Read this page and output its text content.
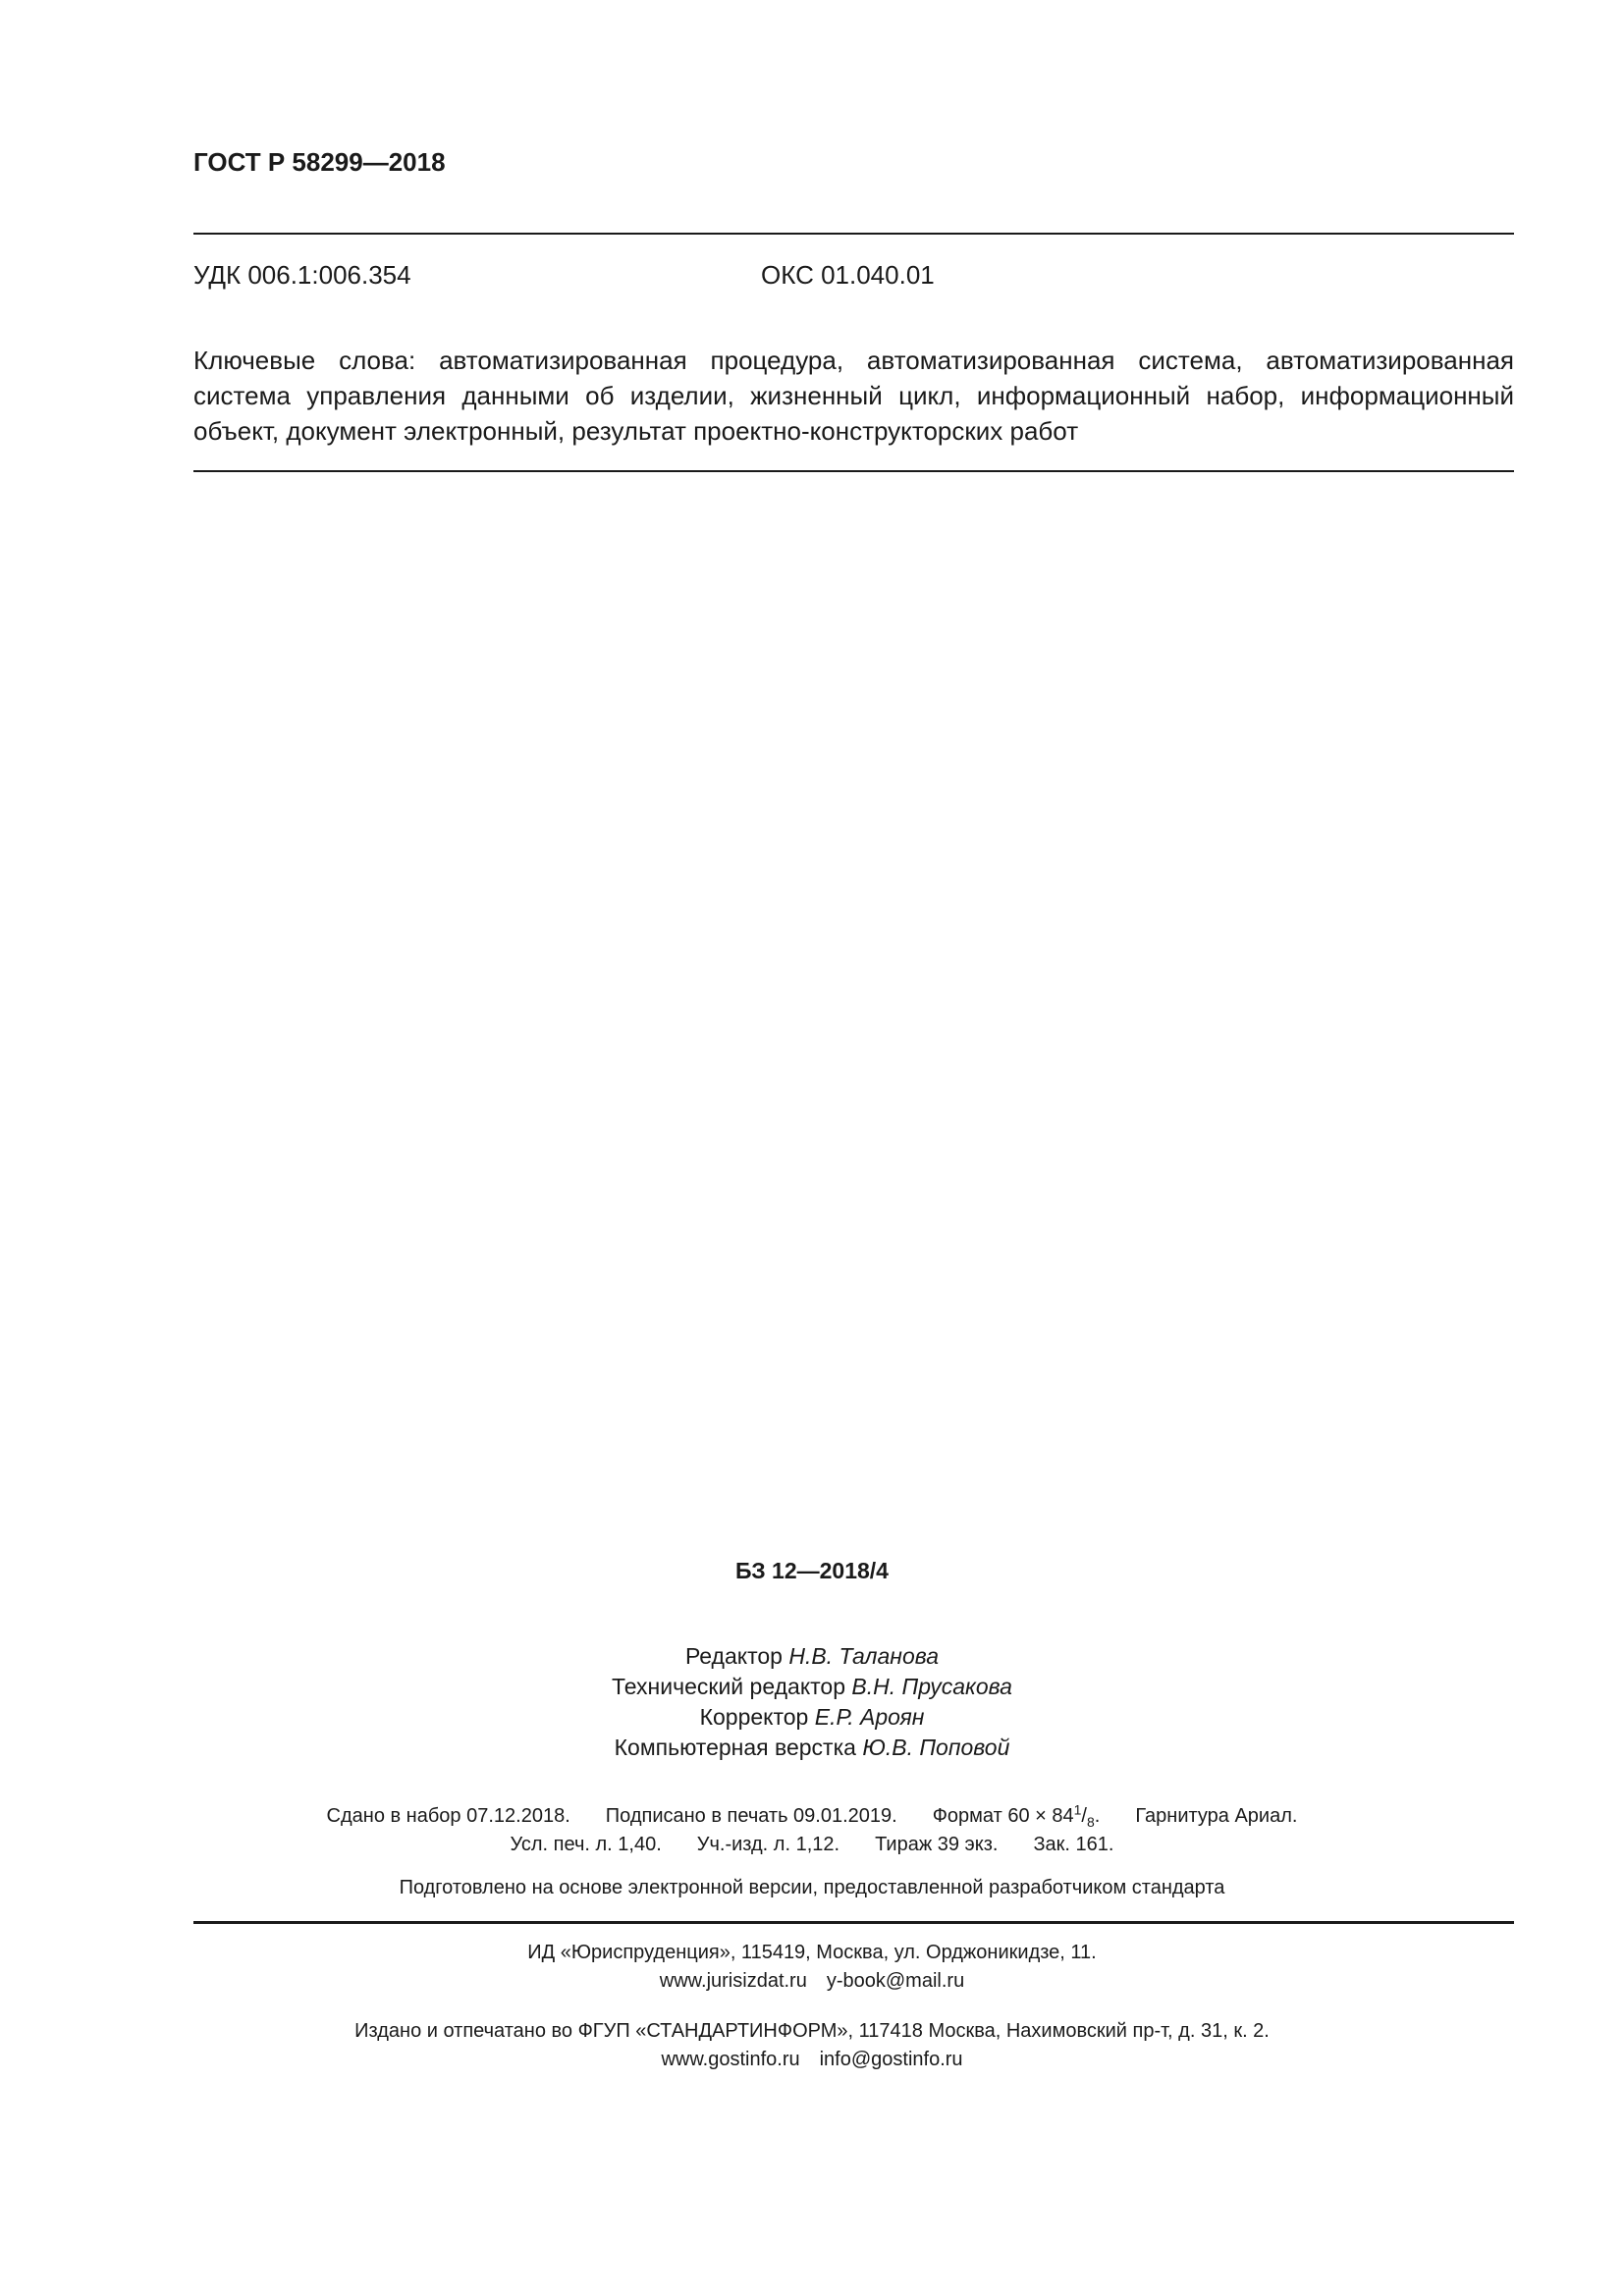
ГОСТ Р 58299—2018
УДК 006.1:006.354	ОКС 01.040.01
Ключевые слова: автоматизированная процедура, автоматизированная система, автоматизированная система управления данными об изделии, жизненный цикл, информационный набор, информационный объект, документ электронный, результат проектно-конструкторских работ
БЗ 12—2018/4
Редактор Н.В. Таланова
Технический редактор В.Н. Прусакова
Корректор Е.Р. Ароян
Компьютерная верстка Ю.В. Поповой
Сдано в набор 07.12.2018. Подписано в печать 09.01.2019. Формат $60 \times 84^1/_8$. Гарнитура Ариал.
Усл. печ. л. 1,40. Уч.-изд. л. 1,12. Тираж 39 экз. Зак. 161.
Подготовлено на основе электронной версии, предоставленной разработчиком стандарта
ИД «Юриспруденция», 115419, Москва, ул. Орджоникидзе, 11.
www.jurisizdat.ru y-book@mail.ru
Издано и отпечатано во ФГУП «СТАНДАРТИНФОРМ», 117418 Москва, Нахимовский пр-т, д. 31, к. 2.
www.gostinfo.ru info@gostinfo.ru
